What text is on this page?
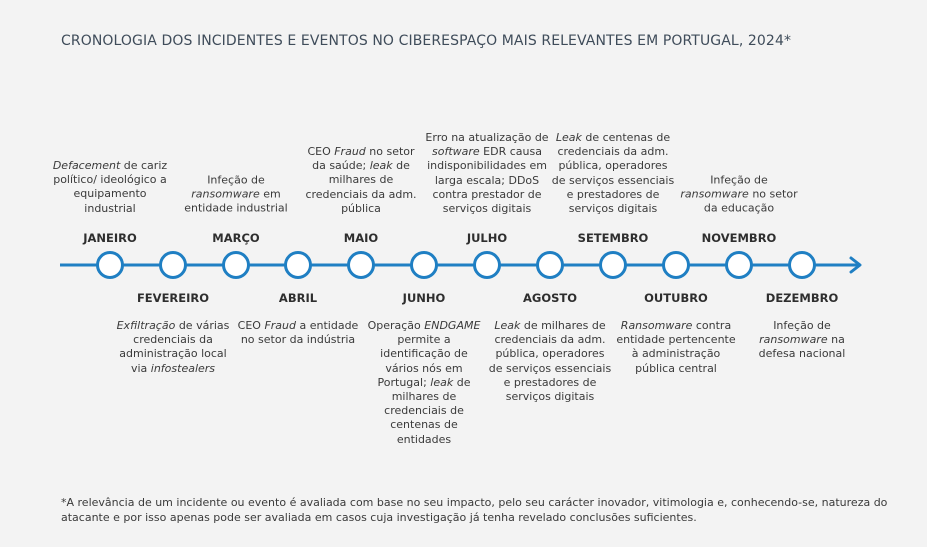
CRONOLOGIA DOS INCIDENTES E EVENTOS NO CIBERESPAÇO MAIS RELEVANTES EM PORTUGAL, 2024*
JANEIRO
Defacement de cariz político/ ideológico a equipamento industrial
FEVEREIRO
Exfiltração de várias credenciais da administração local via infostealers
MARÇO
Infeção de ransomware em entidade industrial
ABRIL
CEO Fraud a entidade no setor da indústria
MAIO
CEO Fraud no setor da saúde; leak de milhares de credenciais da adm. pública
JUNHO
Operação ENDGAME permite a identificação de vários nós em Portugal; leak de milhares de credenciais de centenas de entidades
JULHO
Erro na atualização de software EDR causa indisponibilidades em larga escala; DDoS contra prestador de serviços digitais
AGOSTO
Leak de milhares de credenciais da adm. pública, operadores de serviços essenciais e prestadores de serviços digitais
SETEMBRO
Leak de centenas de credenciais da adm. pública, operadores de serviços essenciais e prestadores de serviços digitais
OUTUBRO
Ransomware contra entidade pertencente à administração pública central
NOVEMBRO
Infeção de ransomware no setor da educação
DEZEMBRO
Infeção de ransomware na defesa nacional
*A relevância de um incidente ou evento é avaliada com base no seu impacto, pelo seu carácter inovador, vitimologia e, conhecendo-se, natureza do atacante e por isso apenas pode ser avaliada em casos cuja investigação já tenha revelado conclusões suficientes.
